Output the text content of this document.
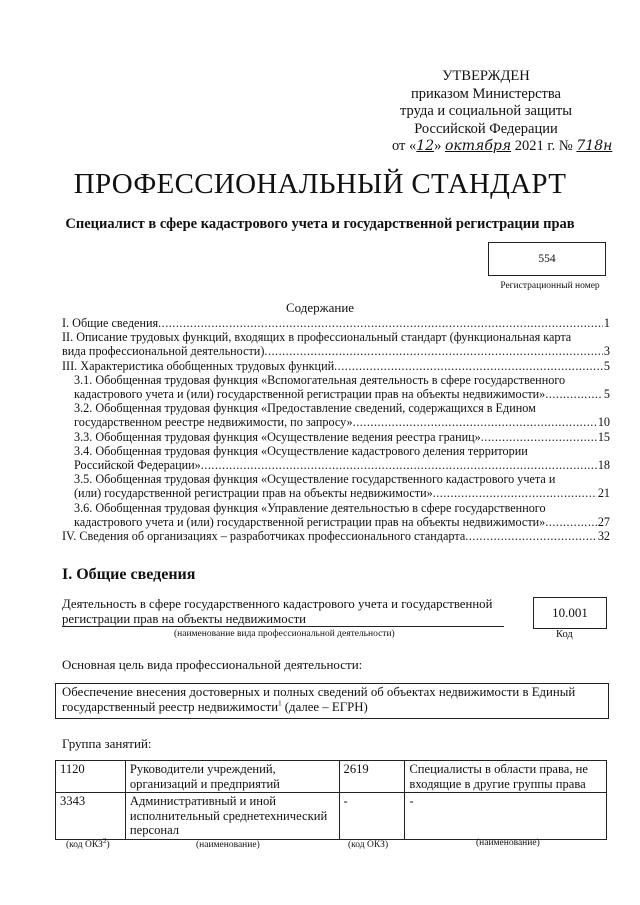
УТВЕРЖДЕН
приказом Министерства
труда и социальной защиты
Российской Федерации
от «12» октября 2021 г. № 718н
ПРОФЕССИОНАЛЬНЫЙ СТАНДАРТ
Специалист в сфере кадастрового учета и государственной регистрации прав
554
Регистрационный номер
Содержание
I. Общие сведения .....	1
II. Описание трудовых функций, входящих в профессиональный стандарт (функциональная карта
вида профессиональной деятельности) .....	3
III. Характеристика обобщенных трудовых функций .....	5
3.1. Обобщенная трудовая функция «Вспомогательная деятельность в сфере государственного
кадастрового учета и (или) государственной регистрации прав на объекты недвижимости» .....	5
3.2. Обобщенная трудовая функция «Предоставление сведений, содержащихся в Едином
государственном реестре недвижимости, по запросу» .....	10
3.3. Обобщенная трудовая функция «Осуществление ведения реестра границ» .....	15
3.4. Обобщенная трудовая функция «Осуществление кадастрового деления территории
Российской Федерации» .....	18
3.5. Обобщенная трудовая функция «Осуществление государственного кадастрового учета и
(или) государственной регистрации прав на объекты недвижимости» .....	21
3.6. Обобщенная трудовая функция «Управление деятельностью в сфере государственного
кадастрового учета и (или) государственной регистрации прав на объекты недвижимости» .....	27
IV. Сведения об организациях – разработчиках профессионального стандарта .....	32
I. Общие сведения
Деятельность в сфере государственного кадастрового учета и государственной регистрации прав на объекты недвижимости
(наименование вида профессиональной деятельности)
10.001
Код
Основная цель вида профессиональной деятельности:
Обеспечение внесения достоверных и полных сведений об объектах недвижимости в Единый государственный реестр недвижимости$^1$ (далее – ЕГРН)
Группа занятий:
1120	Руководители учреждений, организаций и предприятий	2619	Специалисты в области права, не входящие в другие группы права
3343	Административный и иной исполнительный среднетехнический персонал	-	-
(код ОКЗ$^2$)	(наименование)	(код ОКЗ)	(наименование)
